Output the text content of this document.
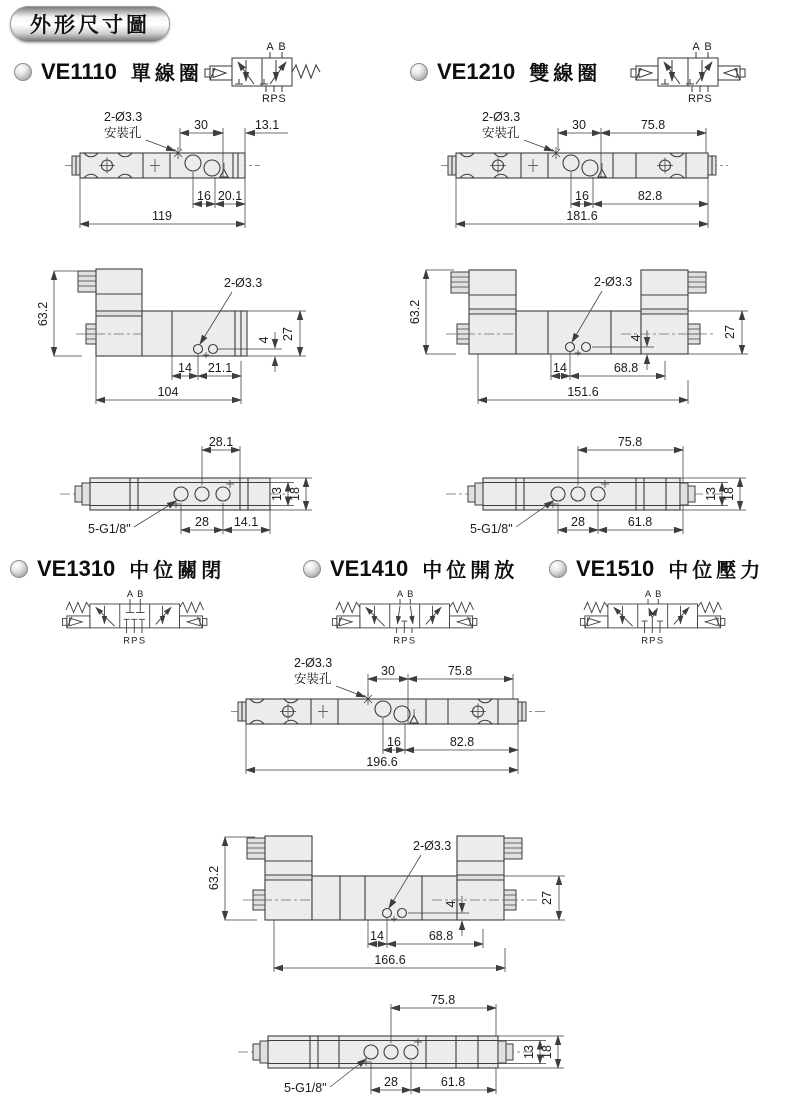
外形尺寸圖
VE1110 單線圈	VE1210 雙線圈
A B
R P S
A B
R P S
2-Ø3.3
安裝孔
30	13.1
16 20.1
119
2-Ø3.3
安裝孔
30	75.8
16	82.8
181.6
63.2
2-Ø3.3
27
4
14 21.1
104
63.2
2-Ø3.3
27
4
14	68.8
151.6
28.1
13 18
28 14.1
5-G1/8"
75.8
13 18
28	61.8
5-G1/8"
VE1310 中位關閉	VE1410 中位開放	VE1510 中位壓力
A B
R P S
A B
R P S
A B
R P S
2-Ø3.3
安裝孔
30	75.8
16	82.8
196.6
63.2
2-Ø3.3
27
4
14	68.8
166.6
75.8
13 18
28	61.8
5-G1/8"
